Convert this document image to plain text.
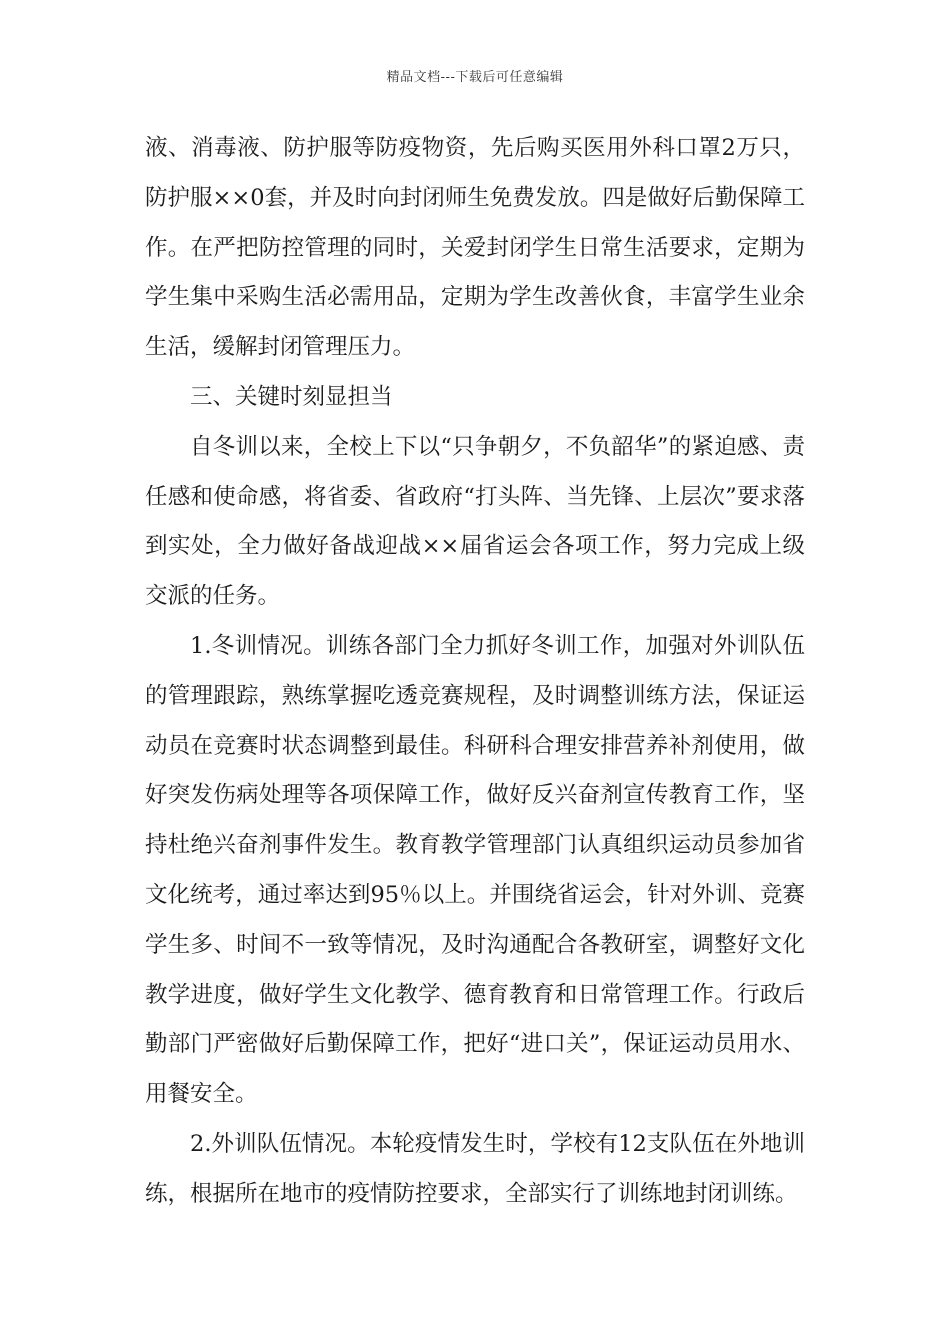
精品文档---下载后可任意编辑

液、消毒液、防护服等防疫物资，先后购买医用外科口罩2万只，防护服××0套，并及时向封闭师生免费发放。四是做好后勤保障工作。在严把防控管理的同时，关爱封闭学生日常生活要求，定期为学生集中采购生活必需用品，定期为学生改善伙食，丰富学生业余生活，缓解封闭管理压力。

三、关键时刻显担当

自冬训以来，全校上下以“只争朝夕，不负韶华”的紧迫感、责任感和使命感，将省委、省政府“打头阵、当先锋、上层次”要求落到实处，全力做好备战迎战××届省运会各项工作，努力完成上级交派的任务。

1.冬训情况。训练各部门全力抓好冬训工作，加强对外训队伍的管理跟踪，熟练掌握吃透竞赛规程，及时调整训练方法，保证运动员在竞赛时状态调整到最佳。科研科合理安排营养补剂使用，做好突发伤病处理等各项保障工作，做好反兴奋剂宣传教育工作，坚持杜绝兴奋剂事件发生。教育教学管理部门认真组织运动员参加省文化统考，通过率达到95％以上。并围绕省运会，针对外训、竞赛学生多、时间不一致等情况，及时沟通配合各教研室，调整好文化教学进度，做好学生文化教学、德育教育和日常管理工作。行政后勤部门严密做好后勤保障工作，把好“进口关”，保证运动员用水、用餐安全。

2.外训队伍情况。本轮疫情发生时，学校有12支队伍在外地训练，根据所在地市的疫情防控要求，全部实行了训练地封闭训练。
